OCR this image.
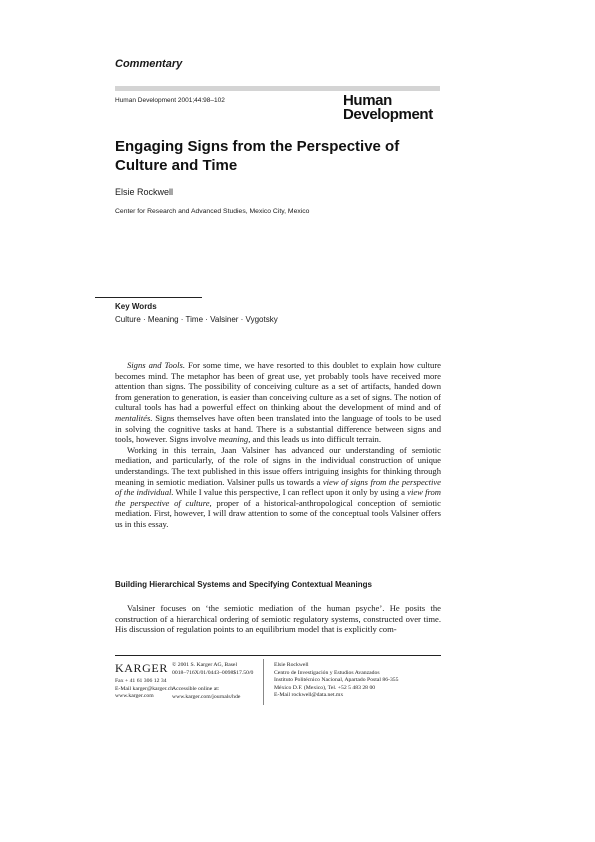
Commentary
Human Development 2001;44:98–102	Human
Development
Engaging Signs from the Perspective of Culture and Time
Elsie Rockwell
Center for Research and Advanced Studies, Mexico City, Mexico
Key Words
Culture · Meaning · Time · Valsiner · Vygotsky

Signs and Tools. For some time, we have resorted to this doublet to explain how culture becomes mind. The metaphor has been of great use, yet probably tools have received more attention than signs. The possibility of conceiving culture as a set of artifacts, handed down from generation to generation, is easier than conceiving culture as a set of signs. The notion of cultural tools has had a powerful effect on thinking about the development of mind and of mentalités. Signs themselves have often been translated into the language of tools to be used in solving the cognitive tasks at hand. There is a substantial difference between signs and tools, however. Signs involve meaning, and this leads us into difficult terrain.

Working in this terrain, Jaan Valsiner has advanced our understanding of semiotic mediation, and particularly, of the role of signs in the individual construction of unique understandings. The text published in this issue offers intriguing insights for thinking through meaning in semiotic mediation. Valsiner pulls us towards a view of signs from the perspective of the individual. While I value this perspective, I can reflect upon it only by using a view from the perspective of culture, proper of a historical-anthropological conception of semiotic mediation. First, however, I will draw attention to some of the conceptual tools Valsiner offers us in this essay.

Building Hierarchical Systems and Specifying Contextual Meanings

Valsiner focuses on ‘the semiotic mediation of the human psyche’. He posits the construction of a hierarchical ordering of semiotic regulatory systems, constructed over time. His discussion of regulation points to an equilibrium model that is explicitly com-

KARGER
Fax + 41 61 306 12 34
E-Mail karger@karger.ch
www.karger.com
© 2001 S. Karger AG, Basel
0018–716X/01/0443–0098$17.50/0
Accessible online at:
www.karger.com/journals/hde
Elsie Rockwell
Centro de Investigación y Estudios Avanzados
Instituto Politécnico Nacional, Apartado Postal 86-355
México D.F. (Mexico), Tel. +52 5 483 28 00
E-Mail rockwell@data.net.mx
